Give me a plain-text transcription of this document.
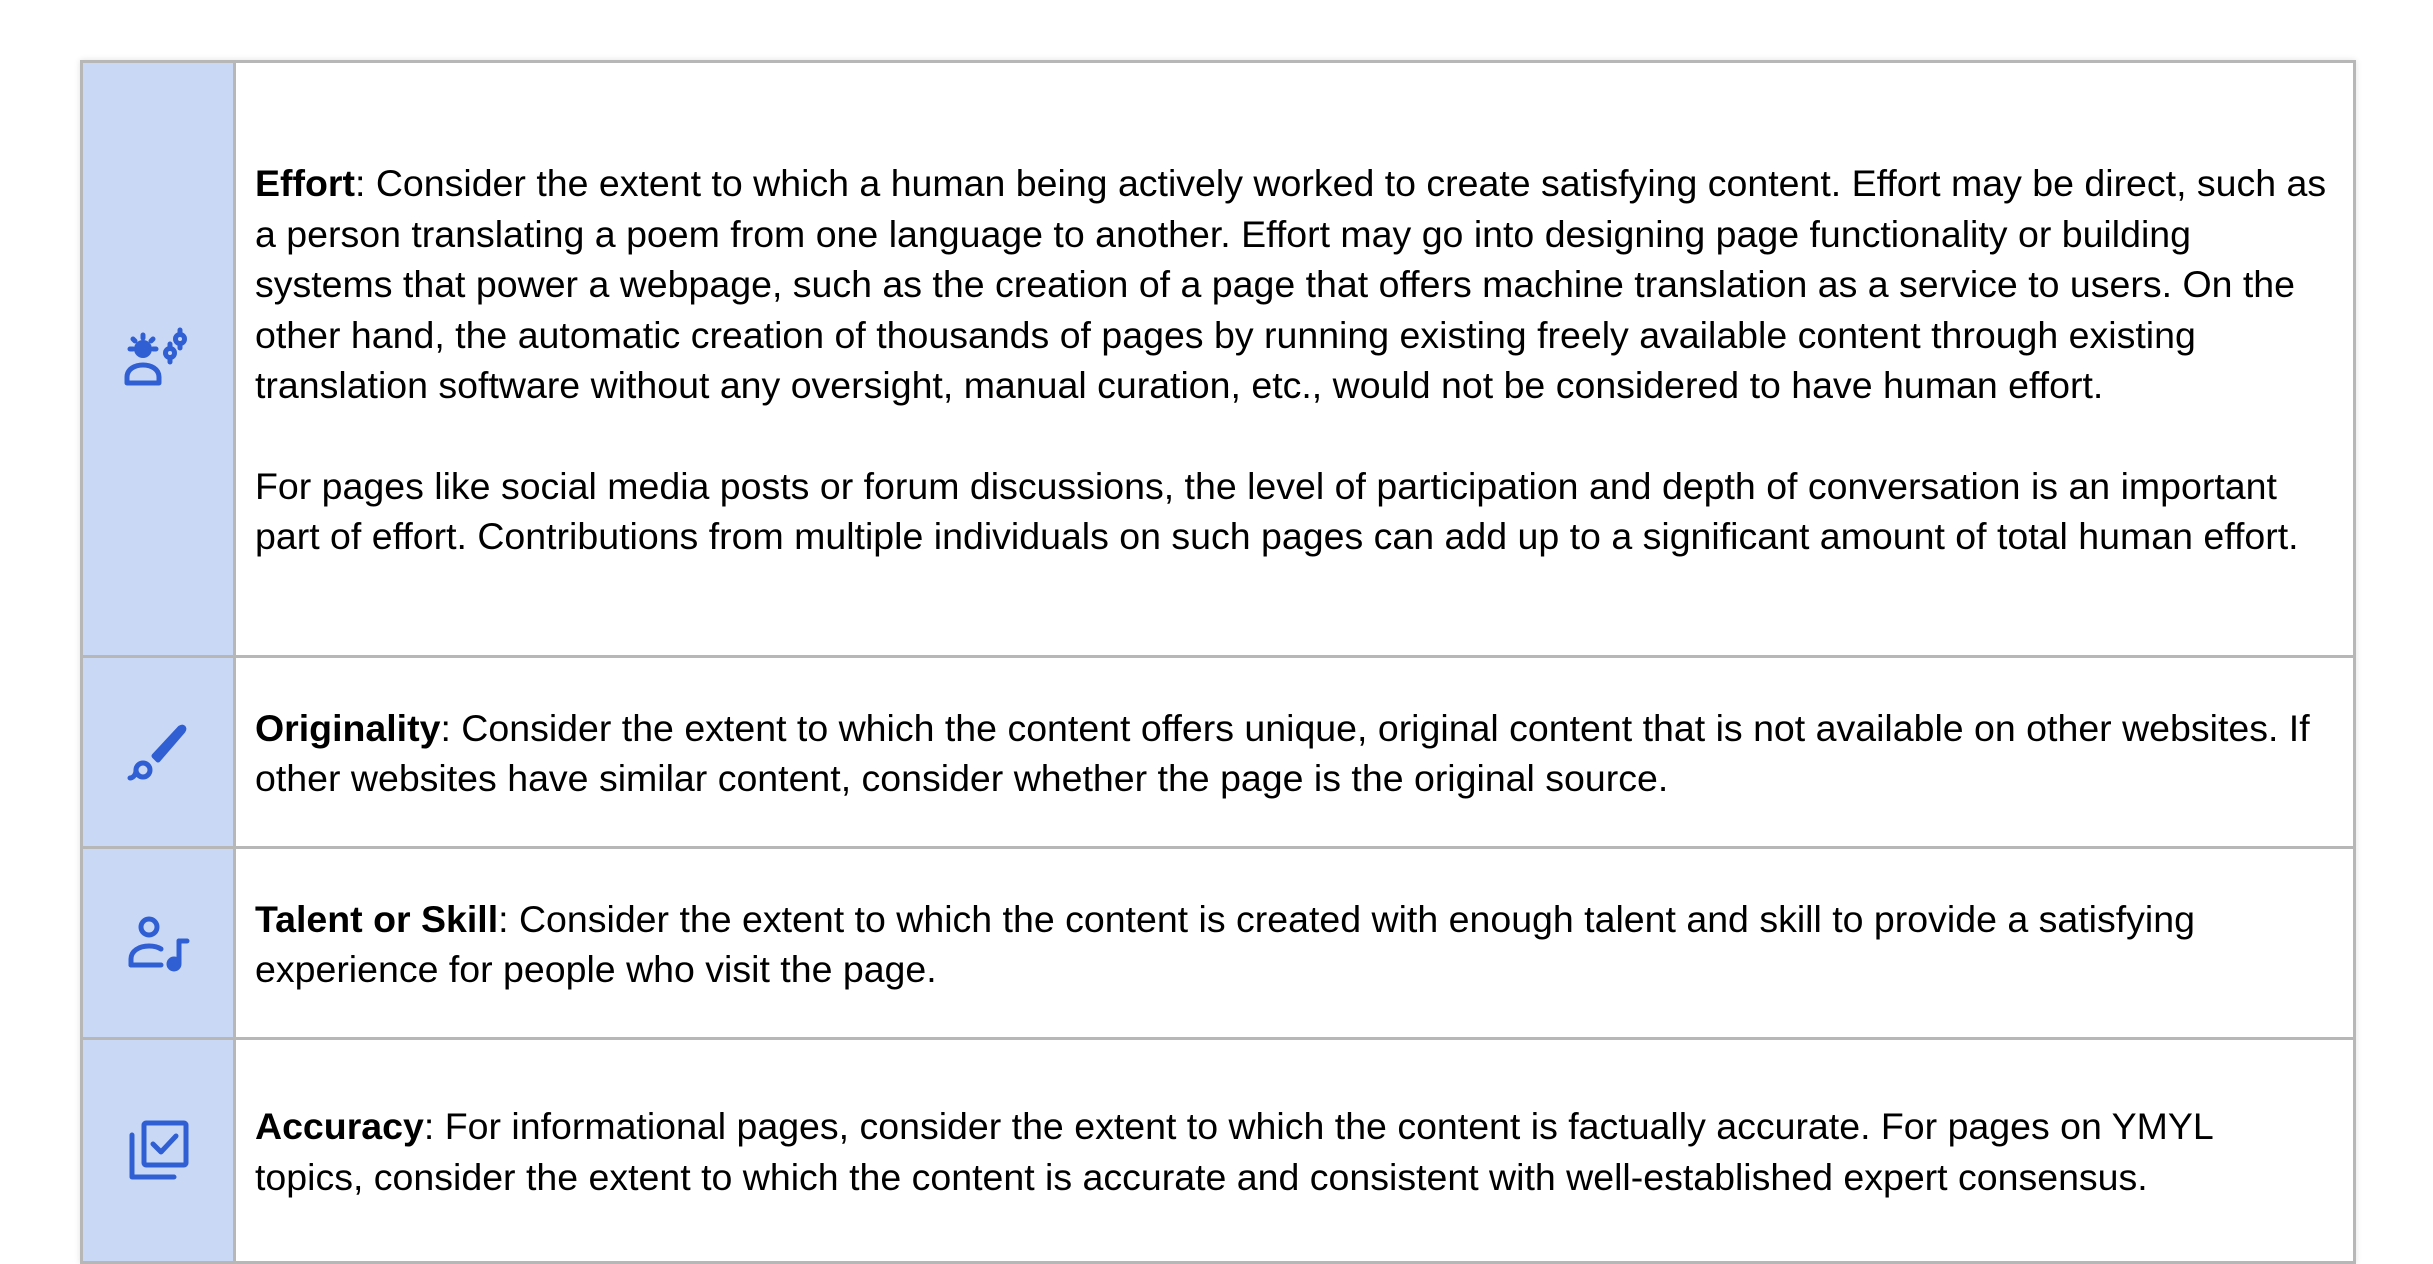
Effort: Consider the extent to which a human being actively worked to create satisfying content. Effort may be direct, such as a person translating a poem from one language to another. Effort may go into designing page functionality or building systems that power a webpage, such as the creation of a page that offers machine translation as a service to users. On the other hand, the automatic creation of thousands of pages by running existing freely available content through existing translation software without any oversight, manual curation, etc., would not be considered to have human effort.

For pages like social media posts or forum discussions, the level of participation and depth of conversation is an important part of effort. Contributions from multiple individuals on such pages can add up to a significant amount of total human effort.

Originality: Consider the extent to which the content offers unique, original content that is not available on other websites. If other websites have similar content, consider whether the page is the original source.

Talent or Skill: Consider the extent to which the content is created with enough talent and skill to provide a satisfying experience for people who visit the page.

Accuracy: For informational pages, consider the extent to which the content is factually accurate. For pages on YMYL topics, consider the extent to which the content is accurate and consistent with well-established expert consensus.
